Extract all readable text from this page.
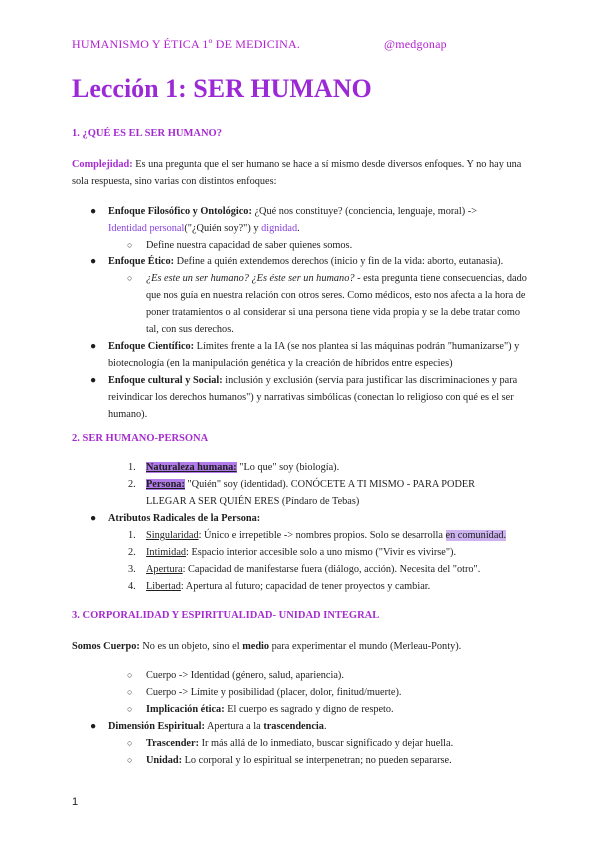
HUMANISMO Y ÉTICA 1º DE MEDICINA.	@medgonap
Lección 1: SER HUMANO
1. ¿QUÉ ES EL SER HUMANO?
Complejidad: Es una pregunta que el ser humano se hace a sí mismo desde diversos enfoques. Y no hay una sola respuesta, sino varias con distintos enfoques:
● Enfoque Filosófico y Ontológico: ¿Qué nos constituye? (conciencia, lenguaje, moral) ->
Identidad personal("¿Quién soy?") y dignidad.
○ Define nuestra capacidad de saber quienes somos.
● Enfoque Ético: Define a quién extendemos derechos (inicio y fin de la vida: aborto, eutanasia).
○ ¿Es este un ser humano? ¿Es éste ser un humano? - esta pregunta tiene consecuencias, dado que nos guía en nuestra relación con otros seres. Como médicos, esto nos afecta a la hora de poner tratamientos o al considerar si una persona tiene vida propia y se la debe tratar como tal, con sus derechos.
● Enfoque Científico: Límites frente a la IA (se nos plantea si las máquinas podrán "humanizarse") y biotecnología (en la manipulación genética y la creación de híbridos entre especies)
● Enfoque cultural y Social: inclusión y exclusión (servía para justificar las discriminaciones y para reivindicar los derechos humanos") y narrativas simbólicas (conectan lo religioso con qué es el ser humano).
2. SER HUMANO-PERSONA
1. Naturaleza humana: "Lo que" soy (biología).
2. Persona: "Quién" soy (identidad). CONÓCETE A TI MISMO - PARA PODER LLEGAR A SER QUIÉN ERES (Píndaro de Tebas)
● Atributos Radicales de la Persona:
1. Singularidad: Único e irrepetible -> nombres propios. Solo se desarrolla en comunidad.
2. Intimidad: Espacio interior accesible solo a uno mismo ("Vivir es vivirse").
3. Apertura: Capacidad de manifestarse fuera (diálogo, acción). Necesita del "otro".
4. Libertad: Apertura al futuro; capacidad de tener proyectos y cambiar.
3. CORPORALIDAD Y ESPIRITUALIDAD- UNIDAD INTEGRAL
Somos Cuerpo: No es un objeto, sino el medio para experimentar el mundo (Merleau-Ponty).
○ Cuerpo -> Identidad (género, salud, apariencia).
○ Cuerpo -> Límite y posibilidad (placer, dolor, finitud/muerte).
○ Implicación ética: El cuerpo es sagrado y digno de respeto.
● Dimensión Espiritual: Apertura a la trascendencia.
○ Trascender: Ir más allá de lo inmediato, buscar significado y dejar huella.
○ Unidad: Lo corporal y lo espiritual se interpenetran; no pueden separarse.
1
